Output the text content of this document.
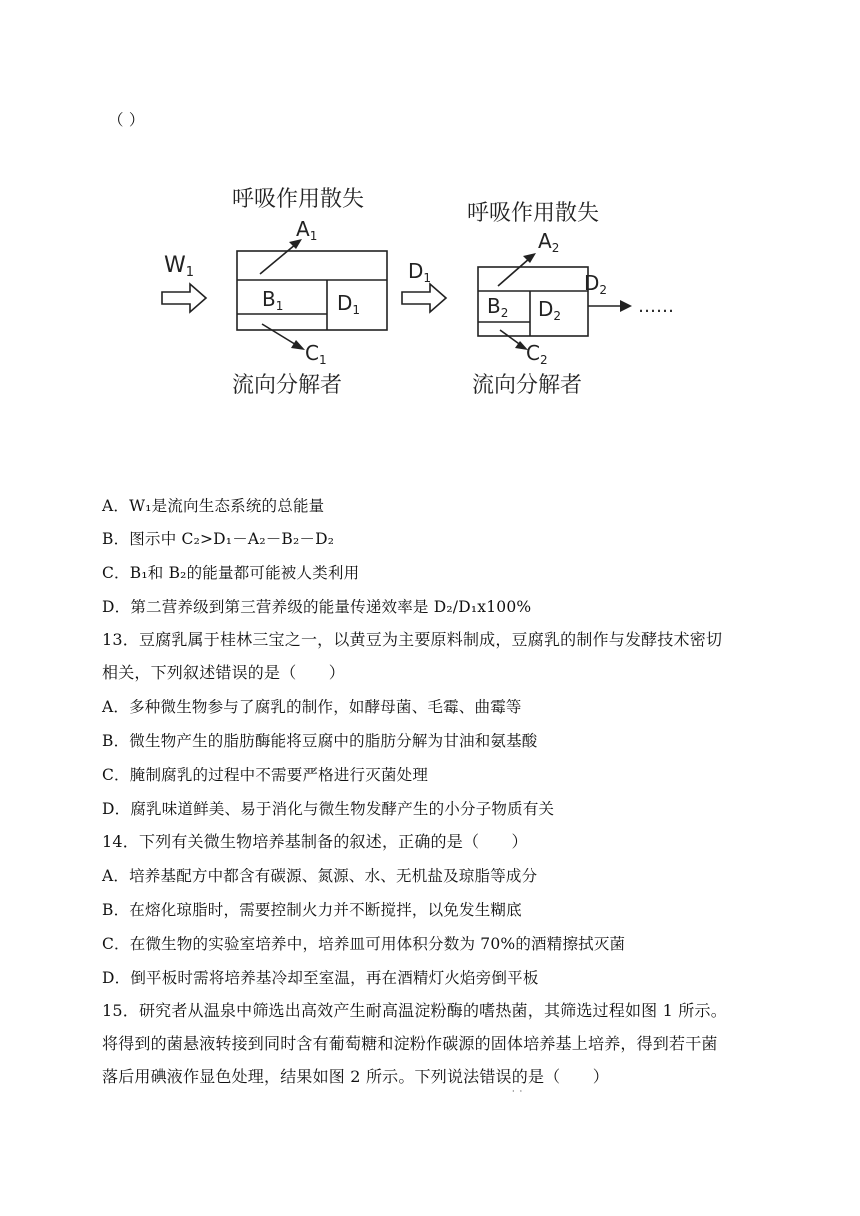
（ ）
呼吸作用散失
流向分解者
W1
$B_1$	$D_1$
$A_1$
$C_1$
$D_1$
呼吸作用散失
流向分解者
$B_2$ $D_2$
$A_2$
$C_2$
$D_2$
……
A．W₁是流向生态系统的总能量
B．图示中 C₂>D₁－A₂－B₂－D₂
C．B₁和 B₂的能量都可能被人类利用
D．第二营养级到第三营养级的能量传递效率是 D₂/D₁x100%
13．豆腐乳属于桂林三宝之一，以黄豆为主要原料制成，豆腐乳的制作与发酵技术密切
相关，下列叙述错误的是（　　）
A．多种微生物参与了腐乳的制作，如酵母菌、毛霉、曲霉等
B．微生物产生的脂肪酶能将豆腐中的脂肪分解为甘油和氨基酸
C．腌制腐乳的过程中不需要严格进行灭菌处理
D．腐乳味道鲜美、易于消化与微生物发酵产生的小分子物质有关
14．下列有关微生物培养基制备的叙述，正确的是（　　）
A．培养基配方中都含有碳源、氮源、水、无机盐及琼脂等成分
B．在熔化琼脂时，需要控制火力并不断搅拌，以免发生糊底
C．在微生物的实验室培养中，培养皿可用体积分数为 70%的酒精擦拭灭菌
D．倒平板时需将培养基冷却至室温，再在酒精灯火焰旁倒平板
15．研究者从温泉中筛选出高效产生耐高温淀粉酶的嗜热菌，其筛选过程如图 1 所示。
将得到的菌悬液转接到同时含有葡萄糖和淀粉作碳源的固体培养基上培养，得到若干菌
落后用碘液作显色处理，结果如图 2 所示。下列说法错误的是（　　）
·  ·
